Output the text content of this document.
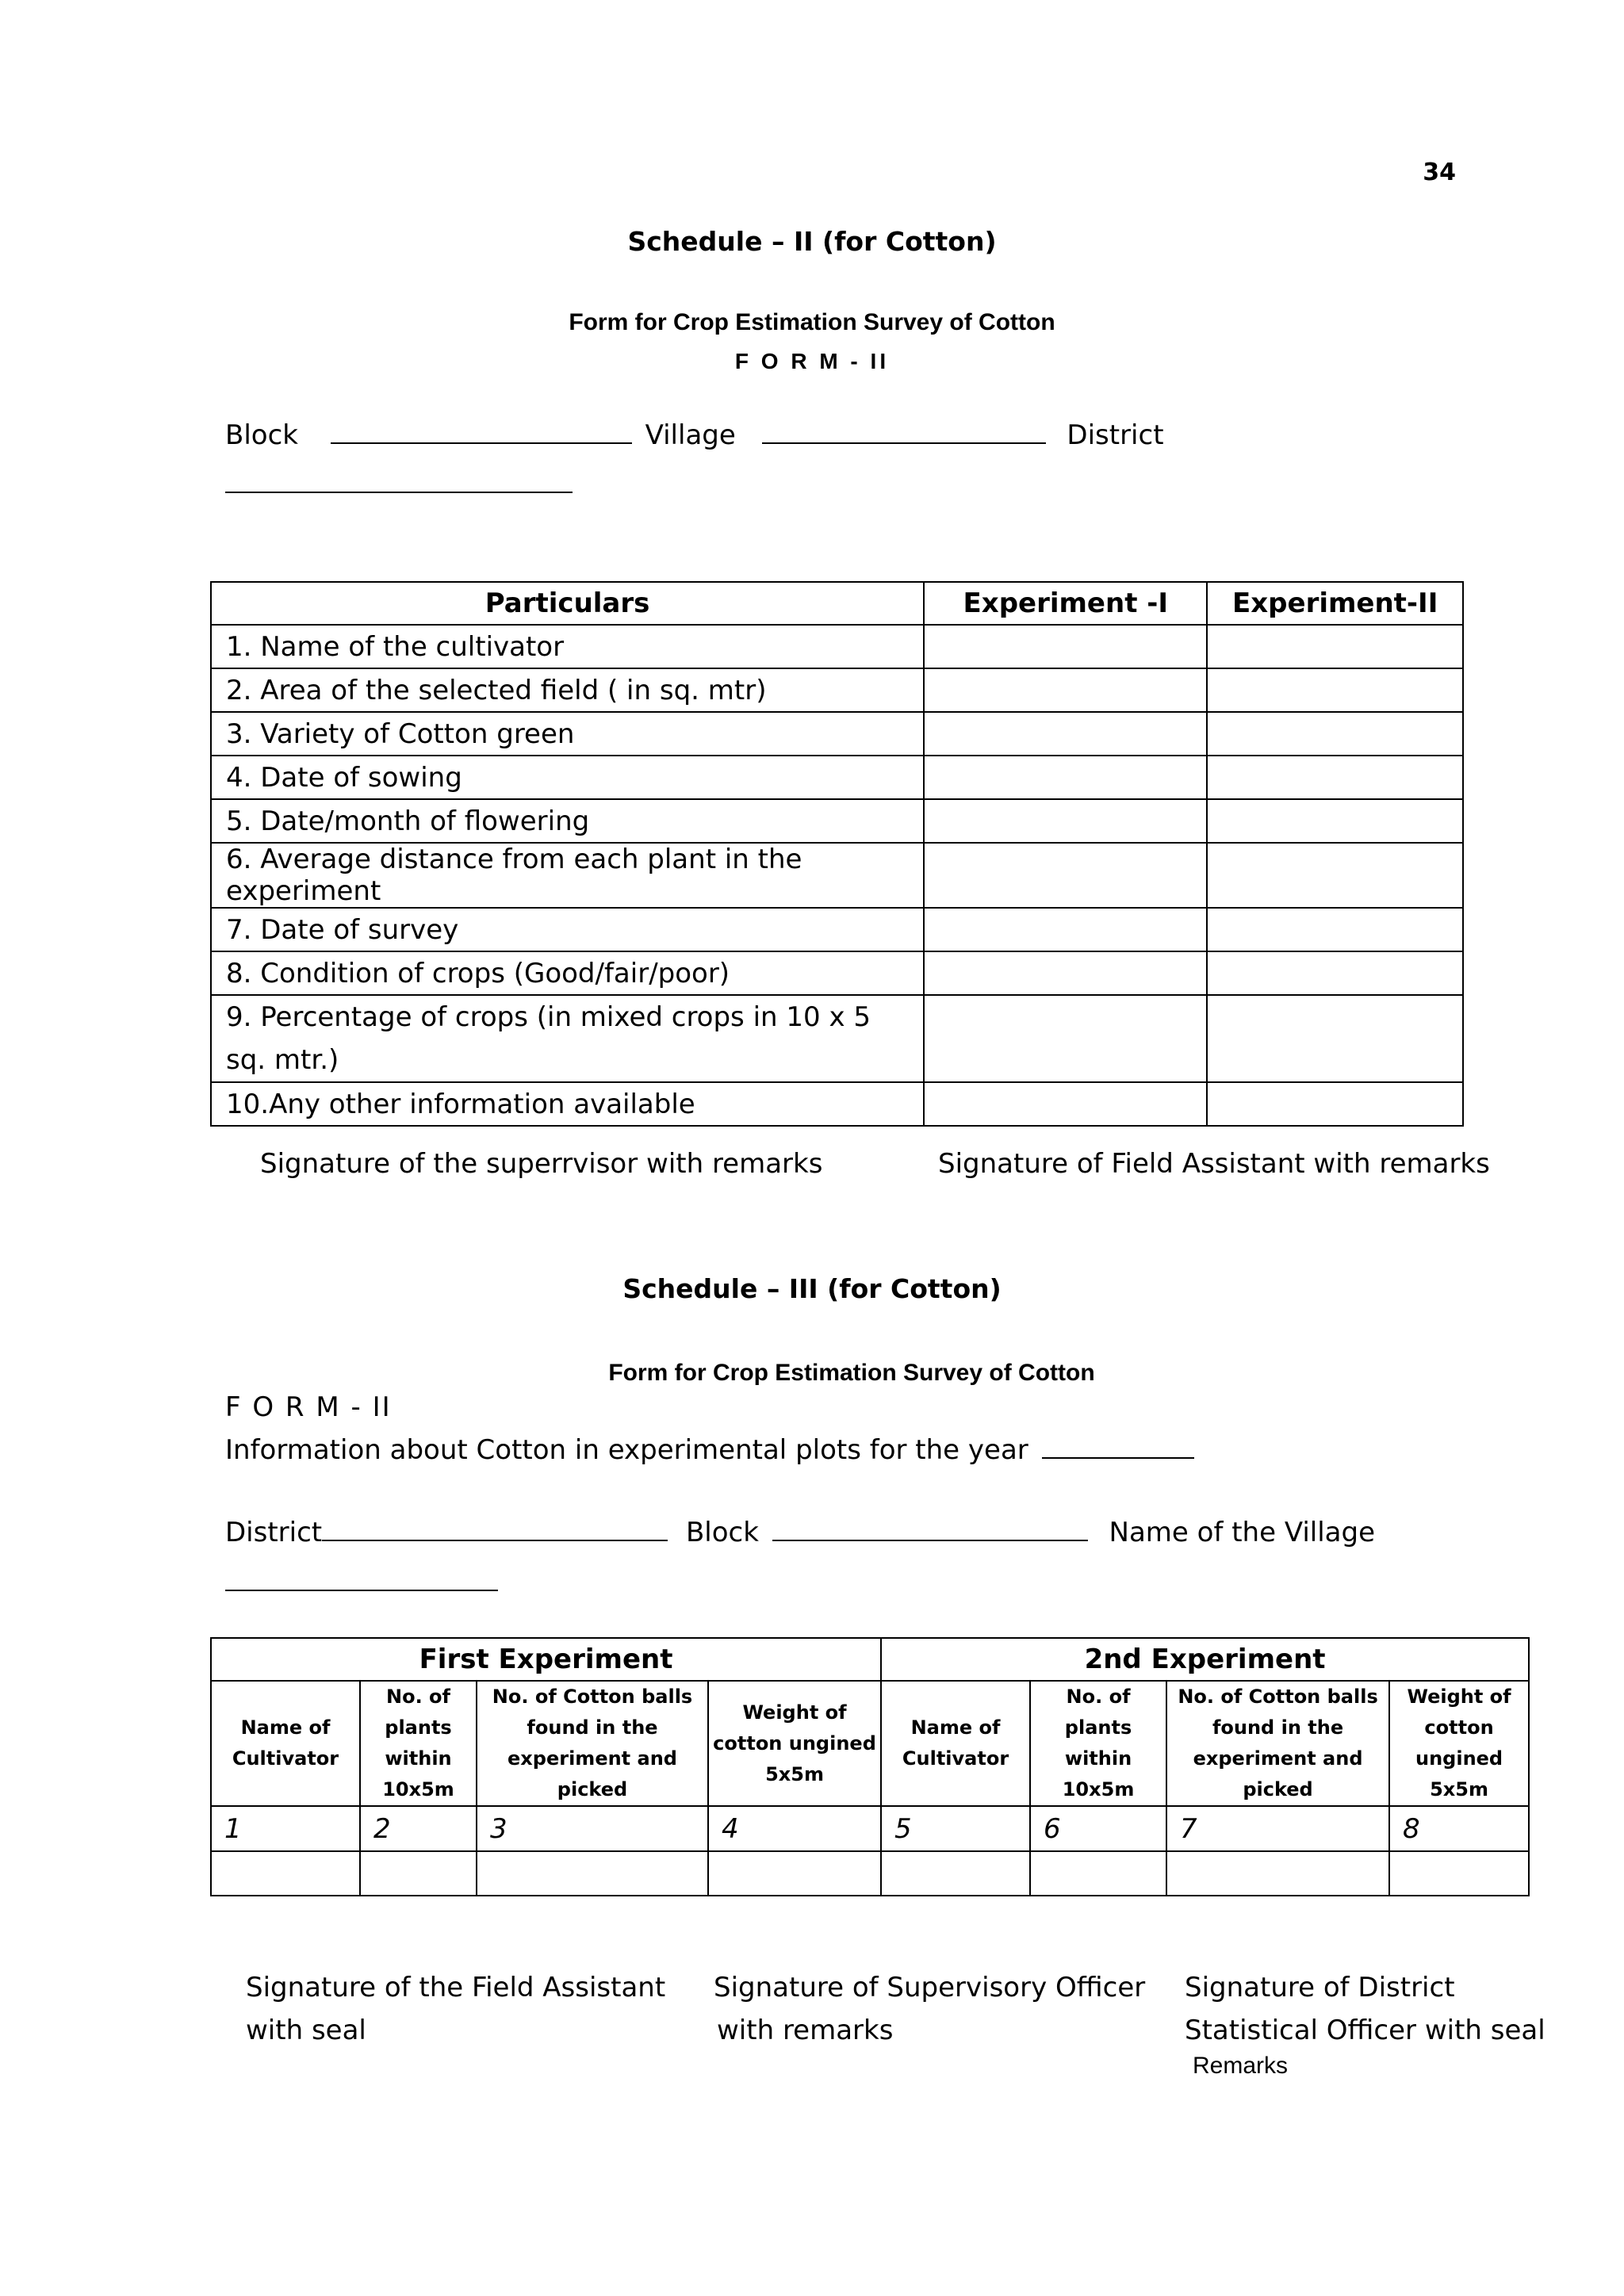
34
Schedule – II (for Cotton)
Form for Crop Estimation Survey of Cotton
F O R M - II
Block	Village	District
Particulars	Experiment -I	Experiment-II
1. Name of the cultivator		
2. Area of the selected field ( in sq. mtr)		
3. Variety of Cotton green		
4. Date of sowing		
5. Date/month of flowering		
6. Average distance from each plant in the experiment		
7. Date of survey		
8. Condition of crops (Good/fair/poor)		
9. Percentage of crops (in mixed crops in 10 x 5 sq. mtr.)		
10.Any other information available		
Signature of the superrvisor with remarks	Signature of Field Assistant with remarks
Schedule – III (for Cotton)
Form for Crop Estimation Survey of Cotton
F O R M - II
Information about Cotton in experimental plots for the year
District	Block	Name of the Village
First Experiment				2nd Experiment			
Name of Cultivator	No. of plants within 10x5m	No. of Cotton balls found in the experiment and picked	Weight of cotton ungined 5x5m	Name of Cultivator	No. of plants within 10x5m	No. of Cotton balls found in the experiment and picked	Weight of cotton ungined 5x5m
1	2	3	4	5	6	7	8

Signature of the Field Assistant
with seal
Signature of Supervisory Officer
with remarks
Signature of District
Statistical Officer with seal
Remarks
